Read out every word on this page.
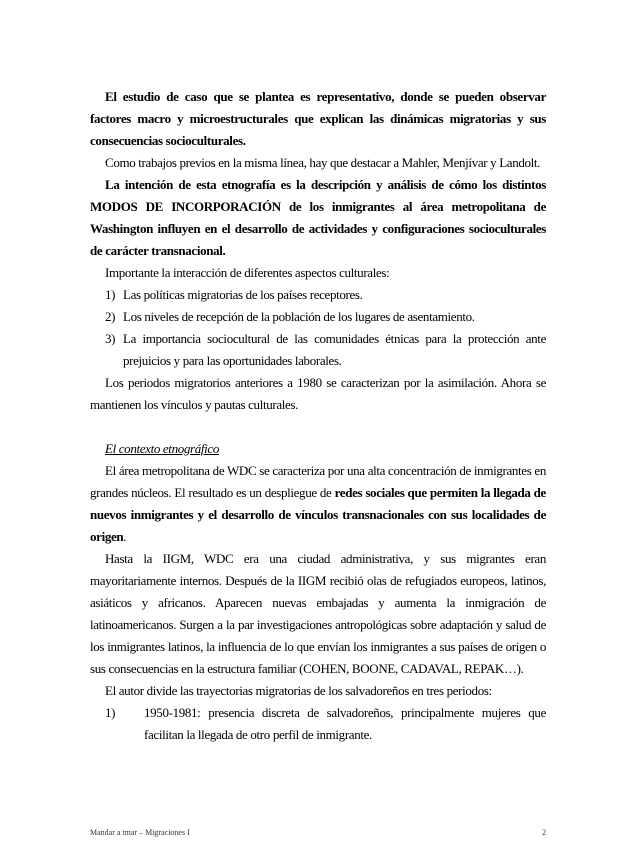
El estudio de caso que se plantea es representativo, donde se pueden observar factores macro y microestructurales que explican las dinámicas migratorias y sus consecuencias socioculturales.

Como trabajos previos en la misma línea, hay que destacar a Mahler, Menjívar y Landolt.

La intención de esta etnografía es la descripción y análisis de cómo los distintos MODOS DE INCORPORACIÓN de los inmigrantes al área metropolitana de Washington influyen en el desarrollo de actividades y configuraciones socioculturales de carácter transnacional.

Importante la interacción de diferentes aspectos culturales:

1) Las políticas migratorias de los países receptores.
2) Los niveles de recepción de la población de los lugares de asentamiento.
3) La importancia sociocultural de las comunidades étnicas para la protección ante prejuicios y para las oportunidades laborales.

Los periodos migratorios anteriores a 1980 se caracterizan por la asimilación. Ahora se mantienen los vínculos y pautas culturales.

El contexto etnográfico

El área metropolitana de WDC se caracteriza por una alta concentración de inmigrantes en grandes núcleos. El resultado es un despliegue de redes sociales que permiten la llegada de nuevos inmigrantes y el desarrollo de vínculos transnacionales con sus localidades de origen.

Hasta la IIGM, WDC era una ciudad administrativa, y sus migrantes eran mayoritariamente internos. Después de la IIGM recibió olas de refugiados europeos, latinos, asiáticos y africanos. Aparecen nuevas embajadas y aumenta la inmigración de latinoamericanos. Surgen a la par investigaciones antropológicas sobre adaptación y salud de los inmigrantes latinos, la influencia de lo que envían los inmigrantes a sus países de origen o sus consecuencias en la estructura familiar (COHEN, BOONE, CADAVAL, REPAK…).

El autor divide las trayectorias migratorias de los salvadoreños en tres periodos:

1) 1950-1981: presencia discreta de salvadoreños, principalmente mujeres que facilitan la llegada de otro perfil de inmigrante.
Mandar a tmar – Migraciones I	2
